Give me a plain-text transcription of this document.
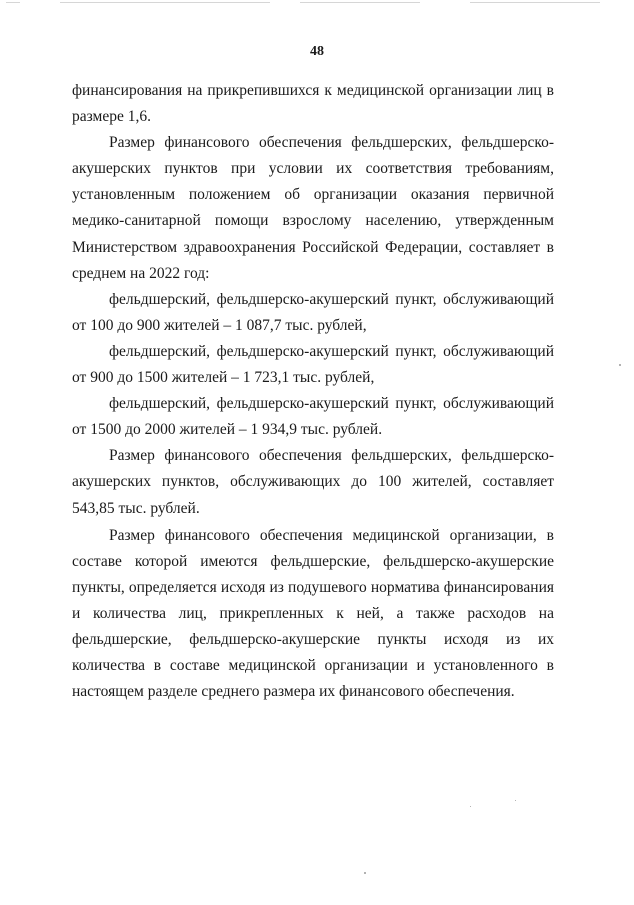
48

финансирования на прикрепившихся к медицинской организации лиц в размере 1,6.

Размер финансового обеспечения фельдшерских, фельдшерско-акушерских пунктов при условии их соответствия требованиям, установленным положением об организации оказания первичной медико-санитарной помощи взрослому населению, утвержденным Министерством здравоохранения Российской Федерации, составляет в среднем на 2022 год:

фельдшерский, фельдшерско-акушерский пункт, обслуживающий от 100 до 900 жителей – 1 087,7 тыс. рублей,

фельдшерский, фельдшерско-акушерский пункт, обслуживающий от 900 до 1500 жителей – 1 723,1 тыс. рублей,

фельдшерский, фельдшерско-акушерский пункт, обслуживающий от 1500 до 2000 жителей – 1 934,9 тыс. рублей.

Размер финансового обеспечения фельдшерских, фельдшерско-акушерских пунктов, обслуживающих до 100 жителей, составляет 543,85 тыс. рублей.

Размер финансового обеспечения медицинской организации, в составе которой имеются фельдшерские, фельдшерско-акушерские пункты, определяется исходя из подушевого норматива финансирования и количества лиц, прикрепленных к ней, а также расходов на фельдшерские, фельдшерско-акушерские пункты исходя из их количества в составе медицинской организации и установленного в настоящем разделе среднего размера их финансового обеспечения.
